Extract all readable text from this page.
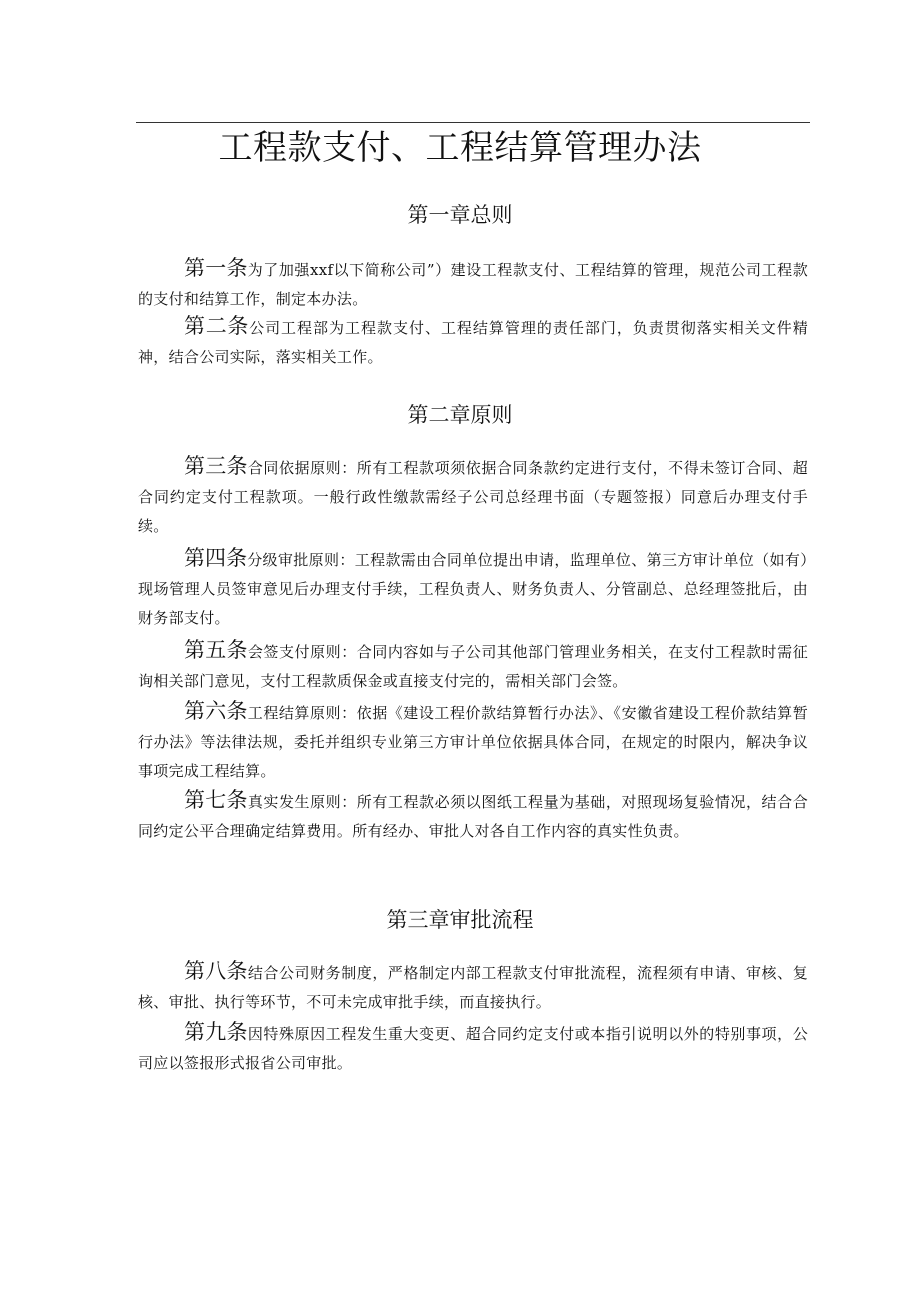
工程款支付、工程结算管理办法
第一章总则

第一条为了加强xxf以下简称公司”）建设工程款支付、工程结算的管理，规范公司工程款的支付和结算工作，制定本办法。

第二条公司工程部为工程款支付、工程结算管理的责任部门，负责贯彻落实相关文件精神，结合公司实际，落实相关工作。

第二章原则

第三条合同依据原则：所有工程款项须依据合同条款约定进行支付，不得未签订合同、超合同约定支付工程款项。一般行政性缴款需经子公司总经理书面（专题签报）同意后办理支付手续。

第四条分级审批原则：工程款需由合同单位提出申请，监理单位、第三方审计单位（如有）现场管理人员签审意见后办理支付手续，工程负责人、财务负责人、分管副总、总经理签批后，由财务部支付。

第五条会签支付原则：合同内容如与子公司其他部门管理业务相关，在支付工程款时需征询相关部门意见，支付工程款质保金或直接支付完的，需相关部门会签。

第六条工程结算原则：依据《建设工程价款结算暂行办法》、《安徽省建设工程价款结算暂行办法》等法律法规，委托并组织专业第三方审计单位依据具体合同，在规定的时限内，解决争议事项完成工程结算。

第七条真实发生原则：所有工程款必须以图纸工程量为基础，对照现场复验情况，结合合同约定公平合理确定结算费用。所有经办、审批人对各自工作内容的真实性负责。

第三章审批流程

第八条结合公司财务制度，严格制定内部工程款支付审批流程，流程须有申请、审核、复核、审批、执行等环节，不可未完成审批手续，而直接执行。

第九条因特殊原因工程发生重大变更、超合同约定支付或本指引说明以外的特别事项，公司应以签报形式报省公司审批。
